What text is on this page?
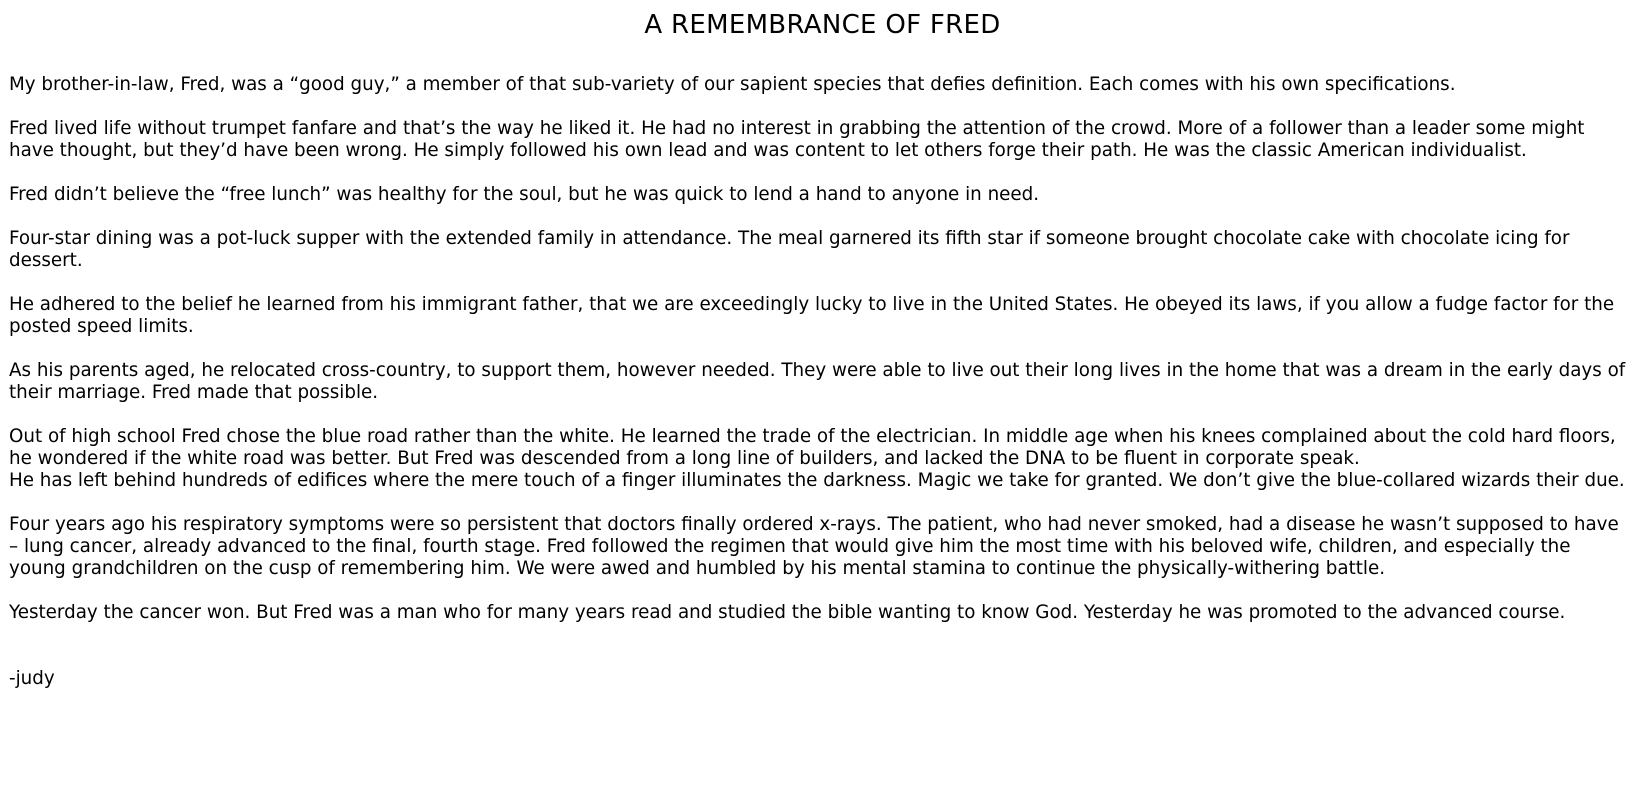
A REMEMBRANCE OF FRED

My brother-in-law, Fred, was a “good guy,” a member of that sub-variety of our sapient species that defies definition. Each comes with his own specifications.

Fred lived life without trumpet fanfare and that’s the way he liked it. He had no interest in grabbing the attention of the crowd. More of a follower than a leader some might have thought, but they’d have been wrong. He simply followed his own lead and was content to let others forge their path. He was the classic American individualist.

Fred didn’t believe the “free lunch” was healthy for the soul, but he was quick to lend a hand to anyone in need.

Four-star dining was a pot-luck supper with the extended family in attendance. The meal garnered its fifth star if someone brought chocolate cake with chocolate icing for dessert.

He adhered to the belief he learned from his immigrant father, that we are exceedingly lucky to live in the United States. He obeyed its laws, if you allow a fudge factor for the posted speed limits.

As his parents aged, he relocated cross-country, to support them, however needed. They were able to live out their long lives in the home that was a dream in the early days of their marriage. Fred made that possible.

Out of high school Fred chose the blue road rather than the white. He learned the trade of the electrician. In middle age when his knees complained about the cold hard floors, he wondered if the white road was better. But Fred was descended from a long line of builders, and lacked the DNA to be fluent in corporate speak.
He has left behind hundreds of edifices where the mere touch of a finger illuminates the darkness. Magic we take for granted. We don’t give the blue-collared wizards their due.

Four years ago his respiratory symptoms were so persistent that doctors finally ordered x-rays. The patient, who had never smoked, had a disease he wasn’t supposed to have – lung cancer, already advanced to the final, fourth stage. Fred followed the regimen that would give him the most time with his beloved wife, children, and especially the young grandchildren on the cusp of remembering him. We were awed and humbled by his mental stamina to continue the physically-withering battle.

Yesterday the cancer won. But Fred was a man who for many years read and studied the bible wanting to know God. Yesterday he was promoted to the advanced course.

-judy
